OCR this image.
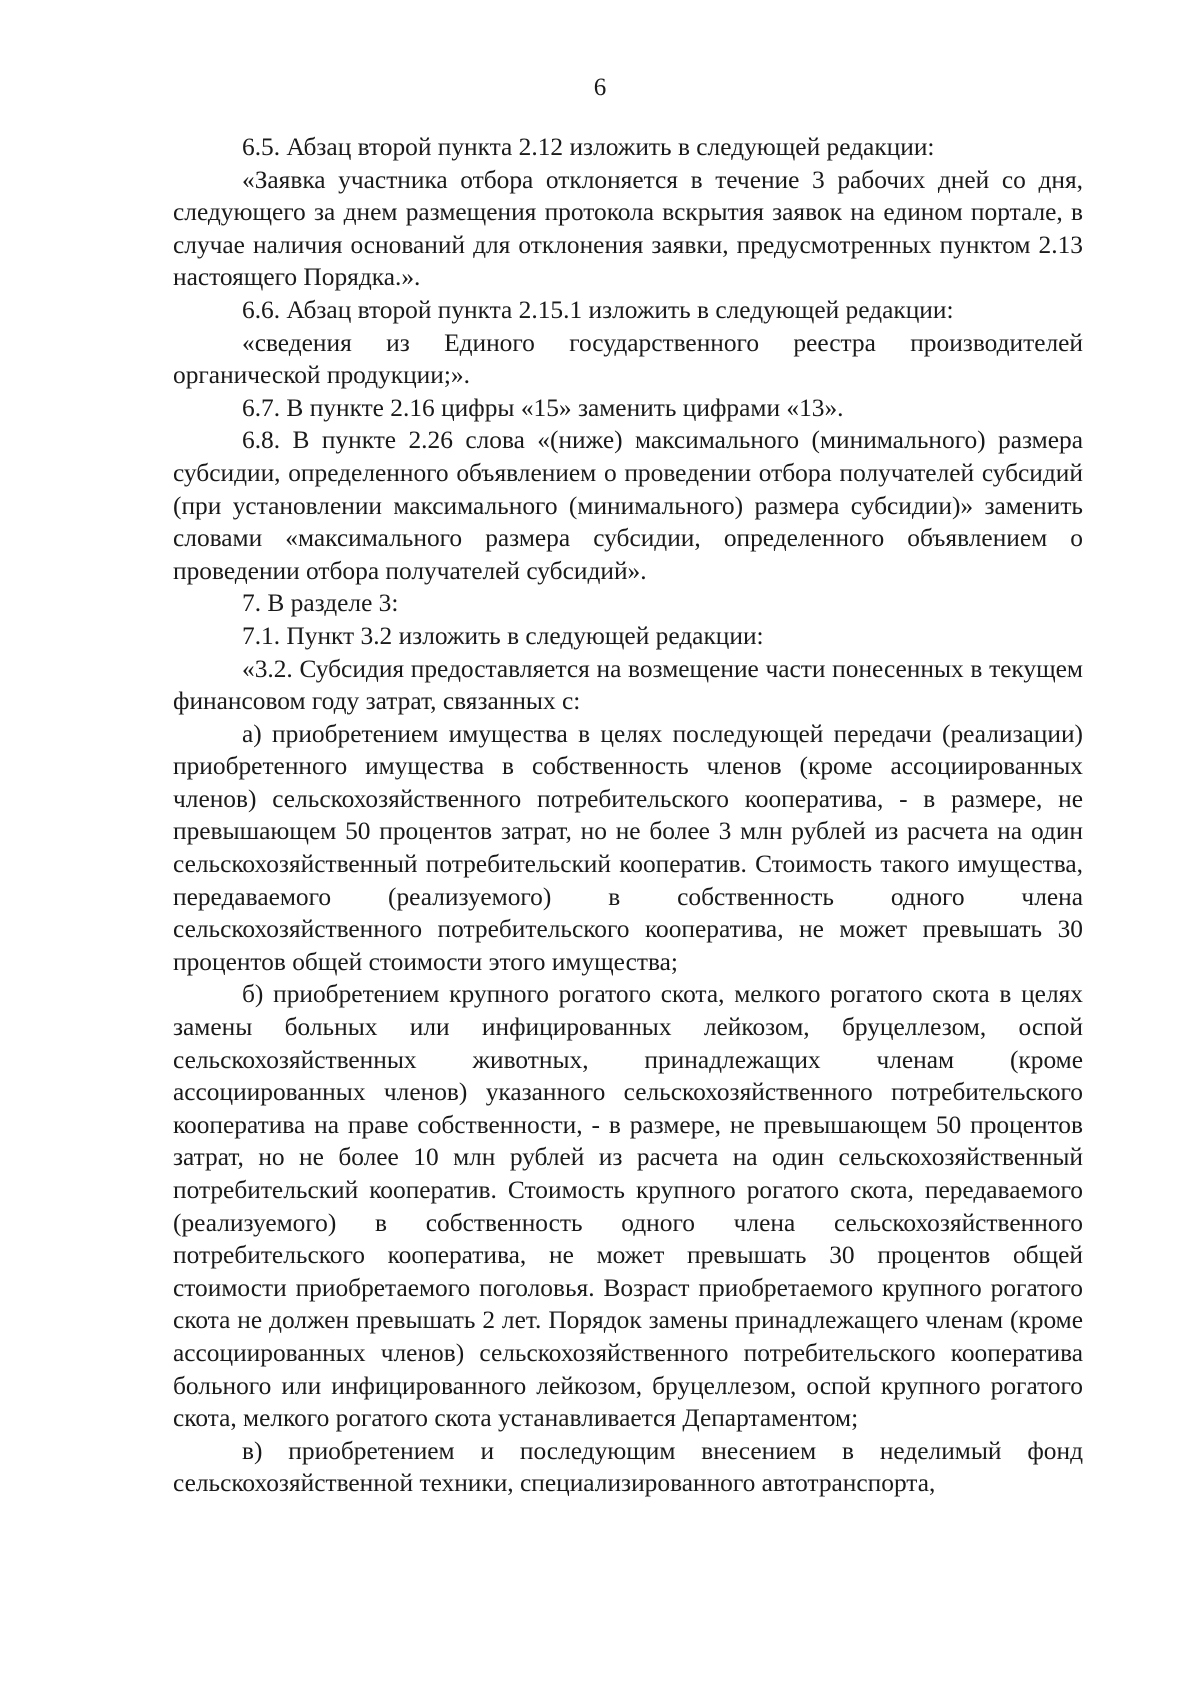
6

6.5. Абзац второй пункта 2.12 изложить в следующей редакции:

«Заявка участника отбора отклоняется в течение 3 рабочих дней со дня, следующего за днем размещения протокола вскрытия заявок на едином портале, в случае наличия оснований для отклонения заявки, предусмотренных пунктом 2.13 настоящего Порядка.».

6.6. Абзац второй пункта 2.15.1 изложить в следующей редакции:

«сведения из Единого государственного реестра производителей органической продукции;».

6.7. В пункте 2.16 цифры «15» заменить цифрами «13».

6.8. В пункте 2.26 слова «(ниже) максимального (минимального) размера субсидии, определенного объявлением о проведении отбора получателей субсидий (при установлении максимального (минимального) размера субсидии)» заменить словами «максимального размера субсидии, определенного объявлением о проведении отбора получателей субсидий».

7. В разделе 3:

7.1. Пункт 3.2 изложить в следующей редакции:

«3.2. Субсидия предоставляется на возмещение части понесенных в текущем финансовом году затрат, связанных с:

а) приобретением имущества в целях последующей передачи (реализации) приобретенного имущества в собственность членов (кроме ассоциированных членов) сельскохозяйственного потребительского кооператива, - в размере, не превышающем 50 процентов затрат, но не более 3 млн рублей из расчета на один сельскохозяйственный потребительский кооператив. Стоимость такого имущества, передаваемого (реализуемого) в собственность одного члена сельскохозяйственного потребительского кооператива, не может превышать 30 процентов общей стоимости этого имущества;

б) приобретением крупного рогатого скота, мелкого рогатого скота в целях замены больных или инфицированных лейкозом, бруцеллезом, оспой сельскохозяйственных животных, принадлежащих членам (кроме ассоциированных членов) указанного сельскохозяйственного потребительского кооператива на праве собственности, - в размере, не превышающем 50 процентов затрат, но не более 10 млн рублей из расчета на один сельскохозяйственный потребительский кооператив. Стоимость крупного рогатого скота, передаваемого (реализуемого) в собственность одного члена сельскохозяйственного потребительского кооператива, не может превышать 30 процентов общей стоимости приобретаемого поголовья. Возраст приобретаемого крупного рогатого скота не должен превышать 2 лет. Порядок замены принадлежащего членам (кроме ассоциированных членов) сельскохозяйственного потребительского кооператива больного или инфицированного лейкозом, бруцеллезом, оспой крупного рогатого скота, мелкого рогатого скота устанавливается Департаментом;

в) приобретением и последующим внесением в неделимый фонд сельскохозяйственной техники, специализированного автотранспорта,
